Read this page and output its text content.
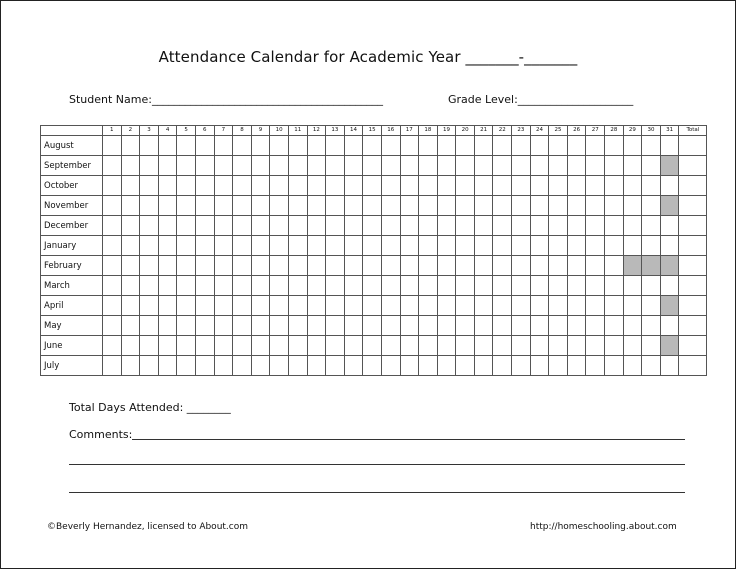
Attendance Calendar for Academic Year _______-_______
Student Name:__________________________________________	Grade Level:_____________________
	1	2	3	4	5	6	7	8	9	10	11	12	13	14	15	16	17	18	19	20	21	22	23	24	25	26	27	28	29	30	31	Total
August																																
September																																
October																																
November																																
December																																
January																																
February																																
March																																
April																																
May																																
June																																
July																																
Total Days Attended: ________
Comments:
©Beverly Hernandez, licensed to About.com	http://homeschooling.about.com
